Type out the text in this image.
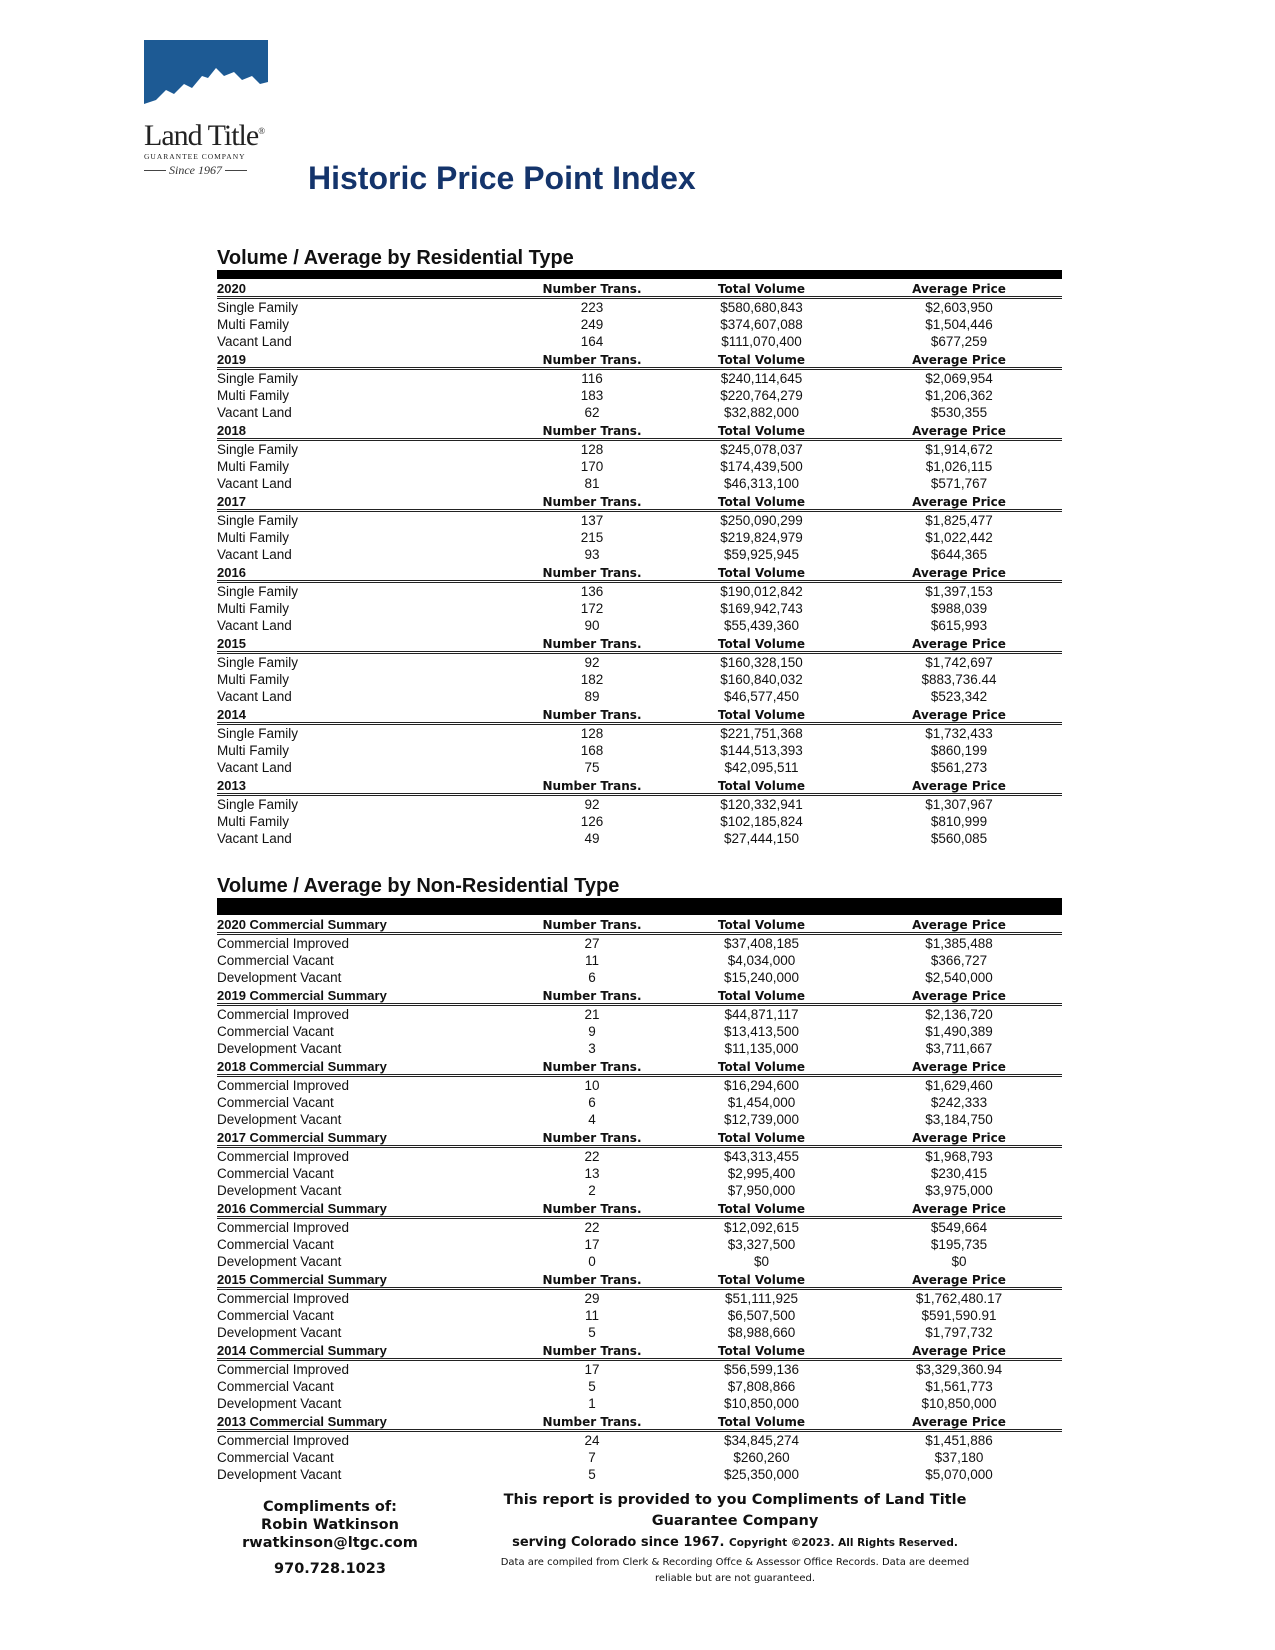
Land Title®
GUARANTEE COMPANY
Since 1967	Historic Price Point Index
Volume / Average by Residential Type
2020	Number Trans.	Total Volume	Average Price
Single Family	223	$580,680,843	$2,603,950
Multi Family	249	$374,607,088	$1,504,446
Vacant Land	164	$111,070,400	$677,259
2019	Number Trans.	Total Volume	Average Price
Single Family	116	$240,114,645	$2,069,954
Multi Family	183	$220,764,279	$1,206,362
Vacant Land	62	$32,882,000	$530,355
2018	Number Trans.	Total Volume	Average Price
Single Family	128	$245,078,037	$1,914,672
Multi Family	170	$174,439,500	$1,026,115
Vacant Land	81	$46,313,100	$571,767
2017	Number Trans.	Total Volume	Average Price
Single Family	137	$250,090,299	$1,825,477
Multi Family	215	$219,824,979	$1,022,442
Vacant Land	93	$59,925,945	$644,365
2016	Number Trans.	Total Volume	Average Price
Single Family	136	$190,012,842	$1,397,153
Multi Family	172	$169,942,743	$988,039
Vacant Land	90	$55,439,360	$615,993
2015	Number Trans.	Total Volume	Average Price
Single Family	92	$160,328,150	$1,742,697
Multi Family	182	$160,840,032	$883,736.44
Vacant Land	89	$46,577,450	$523,342
2014	Number Trans.	Total Volume	Average Price
Single Family	128	$221,751,368	$1,732,433
Multi Family	168	$144,513,393	$860,199
Vacant Land	75	$42,095,511	$561,273
2013	Number Trans.	Total Volume	Average Price
Single Family	92	$120,332,941	$1,307,967
Multi Family	126	$102,185,824	$810,999
Vacant Land	49	$27,444,150	$560,085
Volume / Average by Non-Residential Type
2020 Commercial Summary	Number Trans.	Total Volume	Average Price
Commercial Improved	27	$37,408,185	$1,385,488
Commercial Vacant	11	$4,034,000	$366,727
Development Vacant	6	$15,240,000	$2,540,000
2019 Commercial Summary	Number Trans.	Total Volume	Average Price
Commercial Improved	21	$44,871,117	$2,136,720
Commercial Vacant	9	$13,413,500	$1,490,389
Development Vacant	3	$11,135,000	$3,711,667
2018 Commercial Summary	Number Trans.	Total Volume	Average Price
Commercial Improved	10	$16,294,600	$1,629,460
Commercial Vacant	6	$1,454,000	$242,333
Development Vacant	4	$12,739,000	$3,184,750
2017 Commercial Summary	Number Trans.	Total Volume	Average Price
Commercial Improved	22	$43,313,455	$1,968,793
Commercial Vacant	13	$2,995,400	$230,415
Development Vacant	2	$7,950,000	$3,975,000
2016 Commercial Summary	Number Trans.	Total Volume	Average Price
Commercial Improved	22	$12,092,615	$549,664
Commercial Vacant	17	$3,327,500	$195,735
Development Vacant	0	$0	$0
2015 Commercial Summary	Number Trans.	Total Volume	Average Price
Commercial Improved	29	$51,111,925	$1,762,480.17
Commercial Vacant	11	$6,507,500	$591,590.91
Development Vacant	5	$8,988,660	$1,797,732
2014 Commercial Summary	Number Trans.	Total Volume	Average Price
Commercial Improved	17	$56,599,136	$3,329,360.94
Commercial Vacant	5	$7,808,866	$1,561,773
Development Vacant	1	$10,850,000	$10,850,000
2013 Commercial Summary	Number Trans.	Total Volume	Average Price
Commercial Improved	24	$34,845,274	$1,451,886
Commercial Vacant	7	$260,260	$37,180
Development Vacant	5	$25,350,000	$5,070,000
Compliments of:
Robin Watkinson
rwatkinson@ltgc.com
970.728.1023
This report is provided to you Compliments of Land Title Guarantee Company
serving Colorado since 1967. Copyright ©2023. All Rights Reserved.
Data are compiled from Clerk & Recording Offce & Assessor Office Records. Data are deemed reliable but are not guaranteed.
